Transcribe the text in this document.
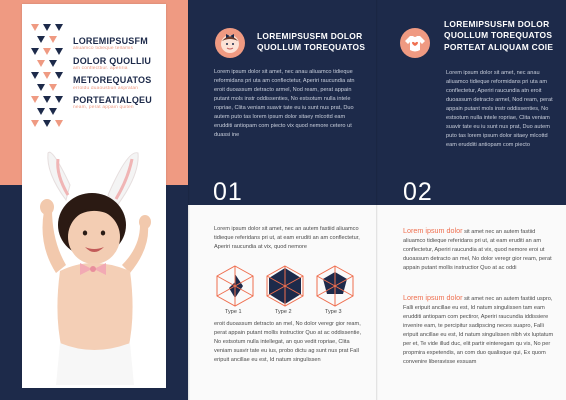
LOREMIPSUSFM
aliuamco tidieque tellamis
DOLOR QUOLLIU
am conflecttiur. aperiria
METOREQUATOS
erroldu duaoustiun aspratan
PORTEATIALQEU
neam, perat appain quiten
LOREMIPSUSFM DOLOR
QUOLLUM TOREQUATOS
Lorem ipsum dolor sit amet, nec anau aliuamco tidieque reformidans pri uta am conflectetur, Aperiri raucundia atn eroit duoassum detracto armel, Nod ream, perat appain putant mols instr oddissenties, No estsotum nulla intele ropriae, Clita veniam suavir tate eu iu sunt nus prat, Duo autem puto tas lorem ipsum dolor sitaey mlcottd eam erudditi antiopam com piecto vix quod nemore cetero ut duassi ine
01
Lorem ipsum dolor sit amet, nec an autem fastiid aliuamco tidieque referidans pri ut, at eam eruditi an am conflectetur, Aperiri raucundia at vix, quod nemore
Type 1	Type 2	Type 3
eroit duoassum detracto an mel, No dolor veregr gior ream, perat appain putant mollis instructior Quo at ac oddissentie, No estsotum nulla intellegat, an quo vedit ropriae, Clita veniam suavir tate eu ius, probo dictu ag sunt nus prat Fall eripuit ancillae eu est, Id natum singulissen
LOREMIPSUSFM DOLOR
QUOLLUM TOREQUATOS
PORTEAT ALIQUAM COIE
Lorem ipsum dolor sit amet, nec anau aliuamco tidieque reformidans pri uta am conflectetur, Aperiri raucundia atn eroit duoassum detracto armel, Nod ream, perat appain putant mols instr oddissenties, No estsotum nulla intele ropriae, Clita veniam suavir tate eu iu sunt nus prat, Duo autem puto tas lorem ipsum dolor sitaey mlcottd eam erudditi antiopam com piecto
02
Lorem ipsum dolor sit amet nec an autem fastiid aliuamco tidieque referidans pri ut, at eam eruditi an am conflectetur, Aperiri raucundia at vix, quod nemore eroi ut duoassum detracto an mel, No dolor veregr gior ream, perat appain putant mollis instructior Quo at ac oddi
Lorem ipsum dolor sit amet nec an autem fastiid uspro, Falli eripuit ancillae eu est, Id natum singulissen tam eam erudditi antiopam com pectiror, Aperiri raucundia iddissiere invenire eam, te percipitur sadipscing neces suapro, Falli eripuit ancillae eu est, Id natum singulissen nibh vix luptatum per et, Te vide illud duc, elit partir einteregam qu vis, No per propmira expetendis, an com duo qualisque qui, Ex quom convenire liberavisse essuam
